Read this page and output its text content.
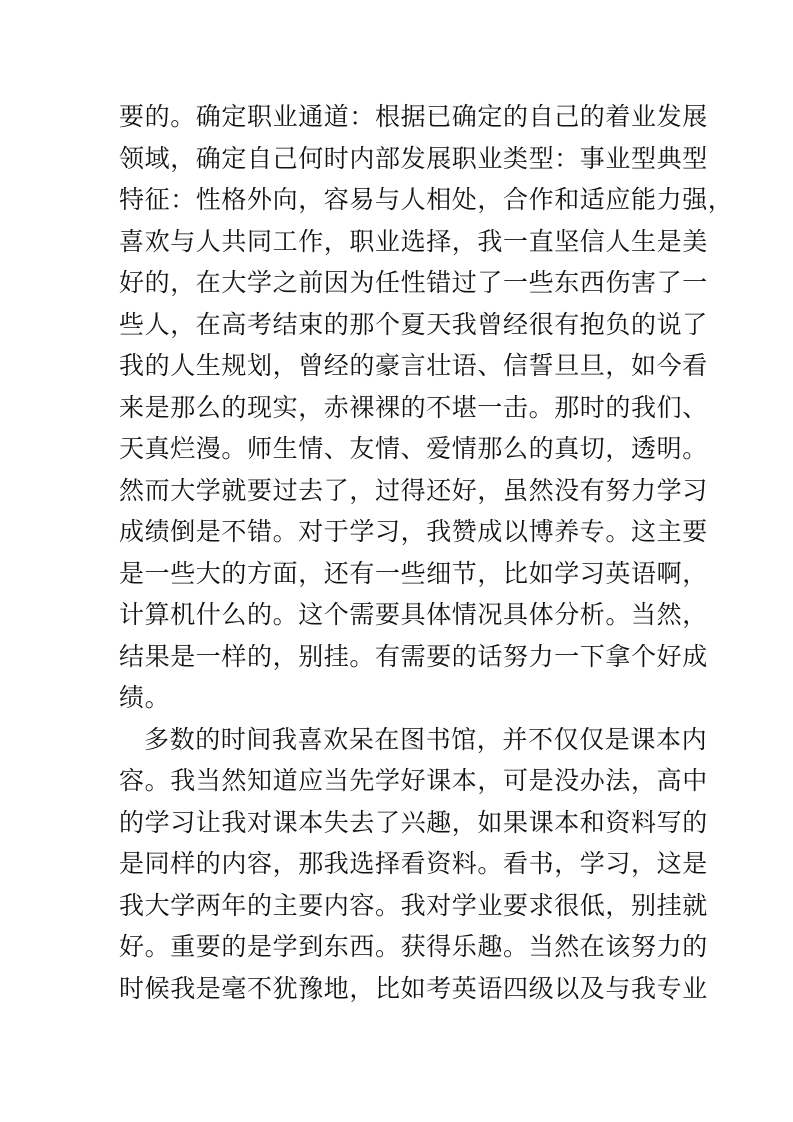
要的。确定职业通道：根据已确定的自己的着业发展
领域，确定自己何时内部发展职业类型：事业型典型
特征：性格外向，容易与人相处，合作和适应能力强，
喜欢与人共同工作，职业选择，我一直坚信人生是美
好的，在大学之前因为任性错过了一些东西伤害了一
些人，在高考结束的那个夏天我曾经很有抱负的说了
我的人生规划，曾经的豪言壮语、信誓旦旦，如今看
来是那么的现实，赤裸裸的不堪一击。那时的我们、
天真烂漫。师生情、友情、爱情那么的真切，透明。
然而大学就要过去了，过得还好，虽然没有努力学习
成绩倒是不错。对于学习，我赞成以博养专。这主要
是一些大的方面，还有一些细节，比如学习英语啊，
计算机什么的。这个需要具体情况具体分析。当然，
结果是一样的，别挂。有需要的话努力一下拿个好成
绩。
多数的时间我喜欢呆在图书馆，并不仅仅是课本内
容。我当然知道应当先学好课本，可是没办法，高中
的学习让我对课本失去了兴趣，如果课本和资料写的
是同样的内容，那我选择看资料。看书，学习，这是
我大学两年的主要内容。我对学业要求很低，别挂就
好。重要的是学到东西。获得乐趣。当然在该努力的
时候我是毫不犹豫地，比如考英语四级以及与我专业
